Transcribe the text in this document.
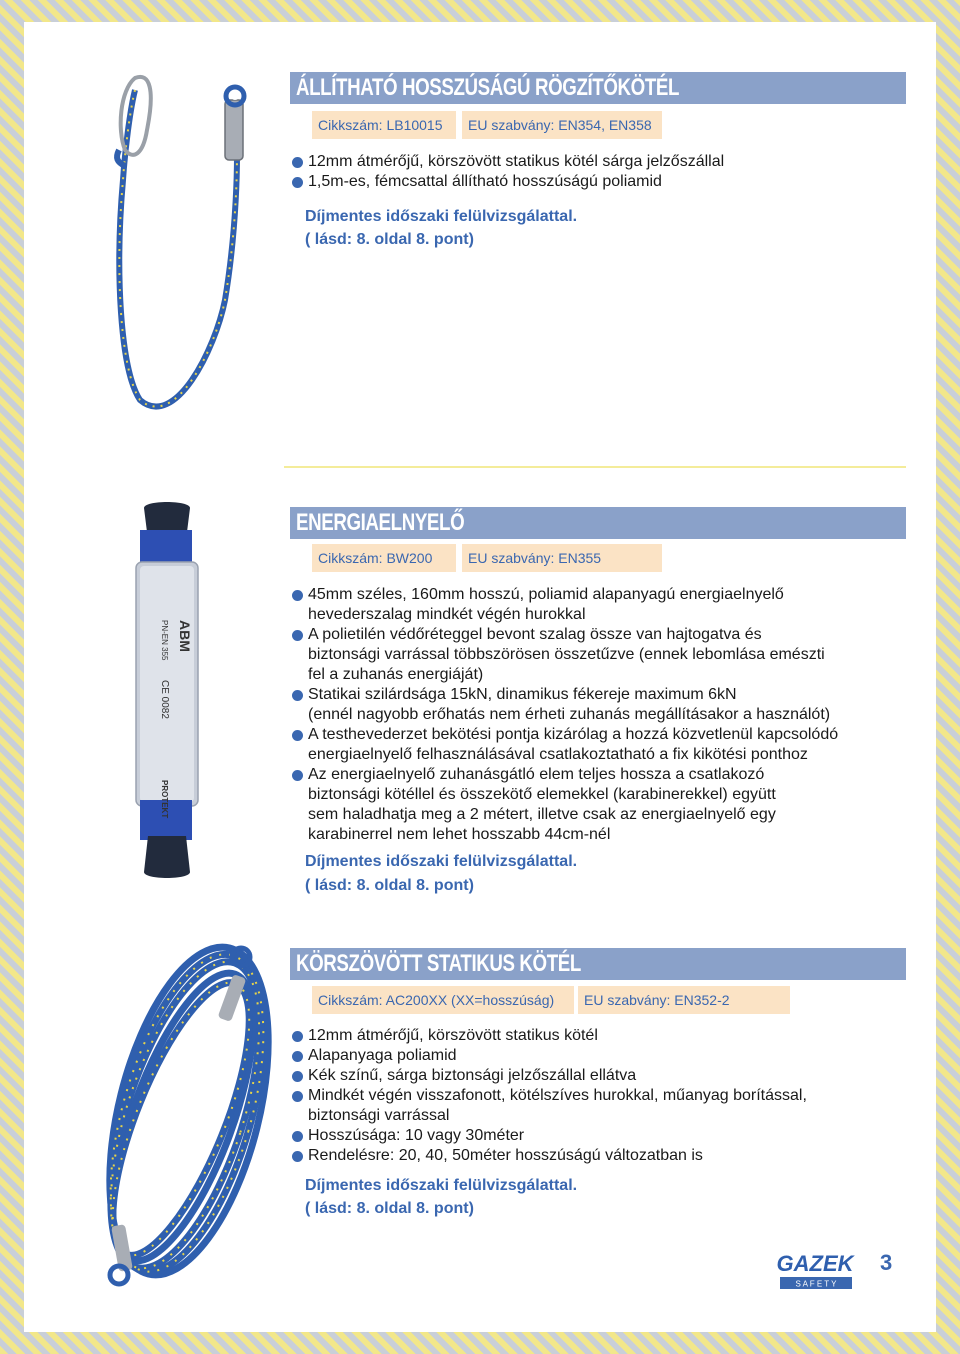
ÁLLÍTHATÓ HOSSZÚSÁGÚ RÖGZÍTŐKÖTÉL
Cikkszám: LB10015	EU szabvány: EN354, EN358
12mm átmérőjű, körszövött statikus kötél sárga jelzőszállal
1,5m-es, fémcsattal állítható hosszúságú poliamid
Díjmentes időszaki felülvizsgálattal.
( lásd: 8. oldal 8. pont)
ABM
PN-EN 355
CE 0082
PROTEKT
ENERGIAELNYELŐ
Cikkszám: BW200	EU szabvány: EN355
45mm széles, 160mm hosszú, poliamid alapanyagú energiaelnyelő
hevederszalag mindkét végén hurokkal
A polietilén védőréteggel bevont szalag össze van hajtogatva és
biztonsági varrással többszörösen összetűzve (ennek lebomlása emészti
fel a zuhanás energiáját)
Statikai szilárdsága 15kN, dinamikus fékereje maximum 6kN
(ennél nagyobb erőhatás nem érheti zuhanás megállításakor a használót)
A testhevederzet bekötési pontja kizárólag a hozzá közvetlenül kapcsolódó
energiaelnyelő felhasználásával csatlakoztatható a fix kikötési ponthoz
Az energiaelnyelő zuhanásgátló elem teljes hossza a csatlakozó
biztonsági kötéllel és összekötő elemekkel (karabinerekkel) együtt
sem haladhatja meg a 2 métert, illetve csak az energiaelnyelő egy
karabinerrel nem lehet hosszabb 44cm-nél
Díjmentes időszaki felülvizsgálattal.
( lásd: 8. oldal 8. pont)
KÖRSZÖVÖTT STATIKUS KÖTÉL
Cikkszám: AC200XX (XX=hosszúság)	EU szabvány: EN352-2
12mm átmérőjű, körszövött statikus kötél
Alapanyaga poliamid
Kék színű, sárga biztonsági jelzőszállal ellátva
Mindkét végén visszafonott, kötélszíves hurokkal, műanyag borítással,
biztonsági varrással
Hosszúsága: 10 vagy 30méter
Rendelésre: 20, 40, 50méter hosszúságú változatban is
Díjmentes időszaki felülvizsgálattal.
( lásd: 8. oldal 8. pont)
GAZEK
S A F E T Y
3
